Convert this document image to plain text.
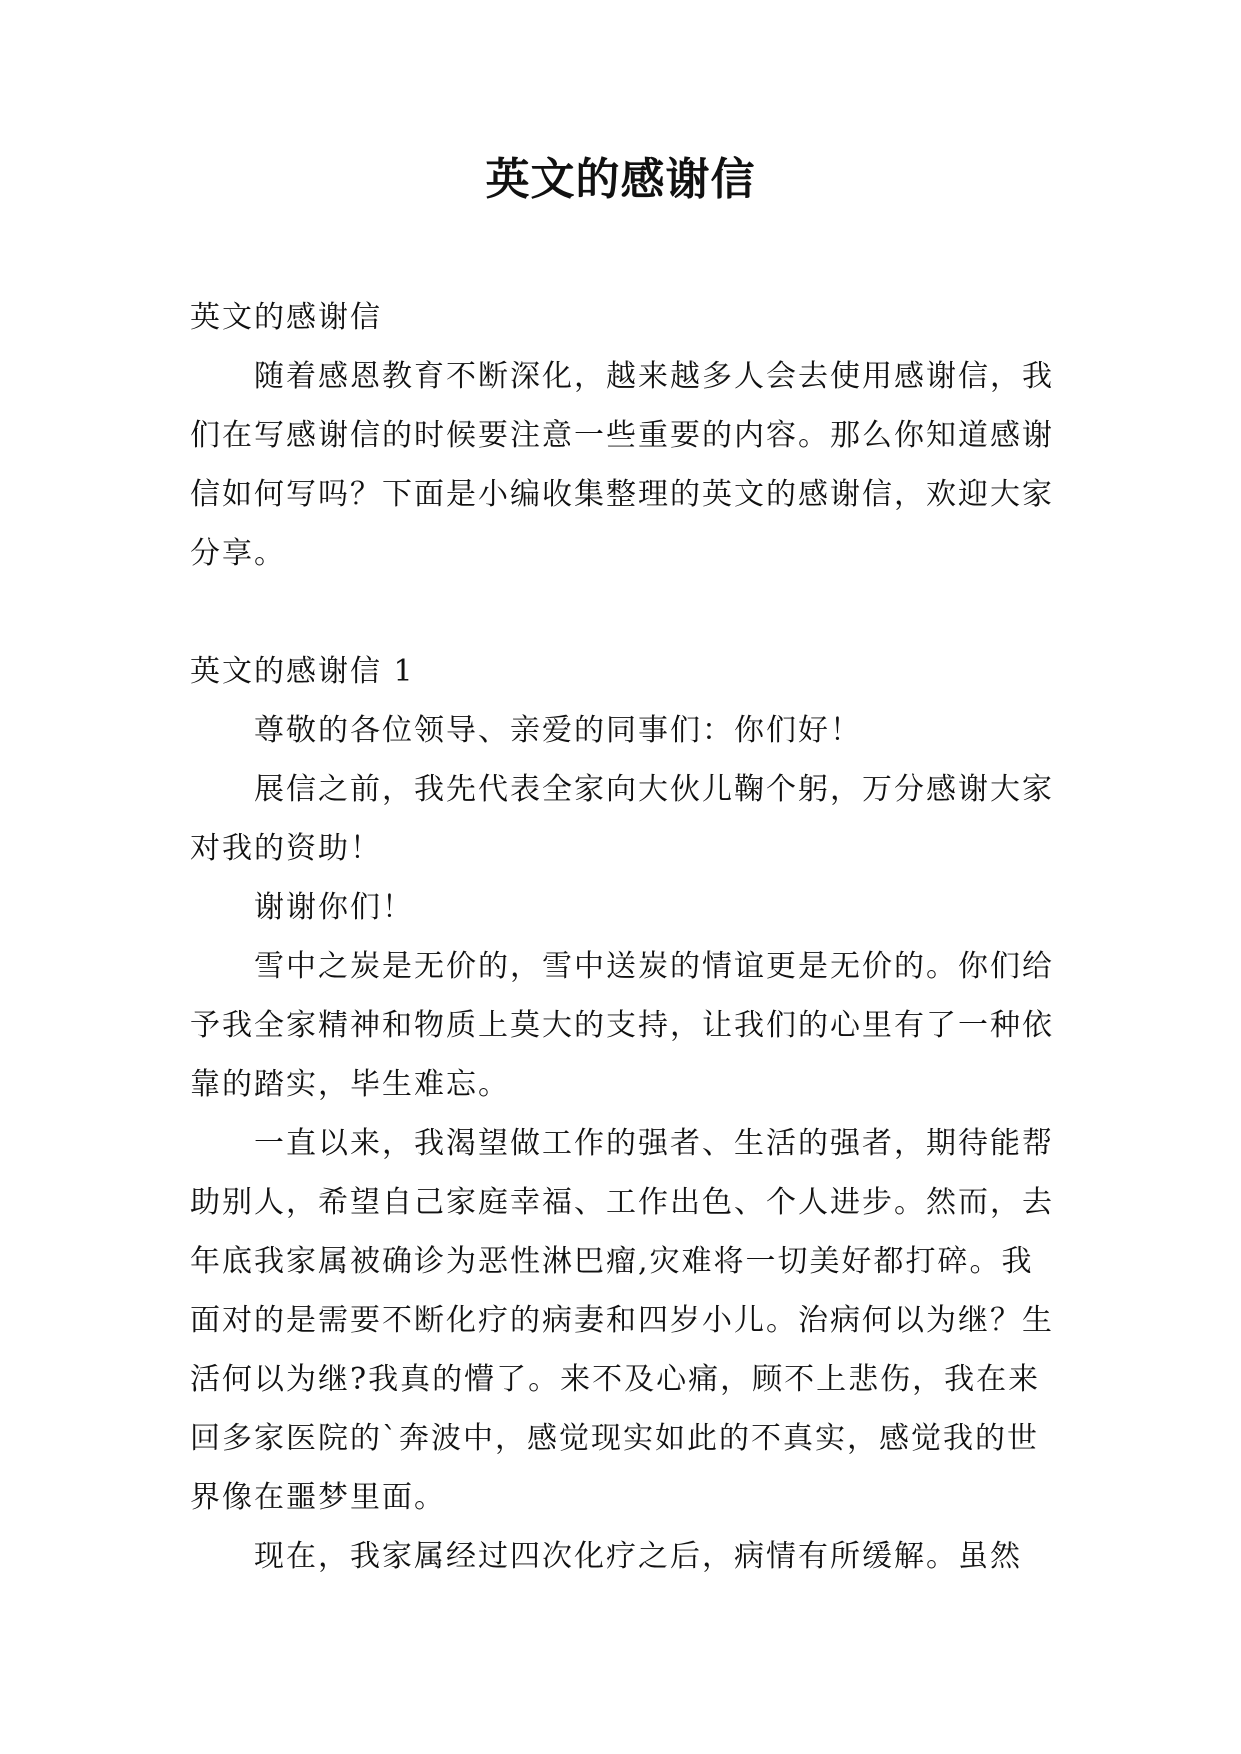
英文的感谢信

英文的感谢信

随着感恩教育不断深化，越来越多人会去使用感谢信，我们在写感谢信的时候要注意一些重要的内容。那么你知道感谢信如何写吗？下面是小编收集整理的英文的感谢信，欢迎大家分享。

英文的感谢信 1

尊敬的各位领导、亲爱的同事们：你们好！

展信之前，我先代表全家向大伙儿鞠个躬，万分感谢大家对我的资助！

谢谢你们！

雪中之炭是无价的，雪中送炭的情谊更是无价的。你们给予我全家精神和物质上莫大的支持，让我们的心里有了一种依靠的踏实，毕生难忘。

一直以来，我渴望做工作的强者、生活的强者，期待能帮助别人，希望自己家庭幸福、工作出色、个人进步。然而，去年底我家属被确诊为恶性淋巴瘤,灾难将一切美好都打碎。我面对的是需要不断化疗的病妻和四岁小儿。治病何以为继？生活何以为继?我真的懵了。来不及心痛，顾不上悲伤，我在来回多家医院的`奔波中，感觉现实如此的不真实，感觉我的世界像在噩梦里面。

现在，我家属经过四次化疗之后，病情有所缓解。虽然
